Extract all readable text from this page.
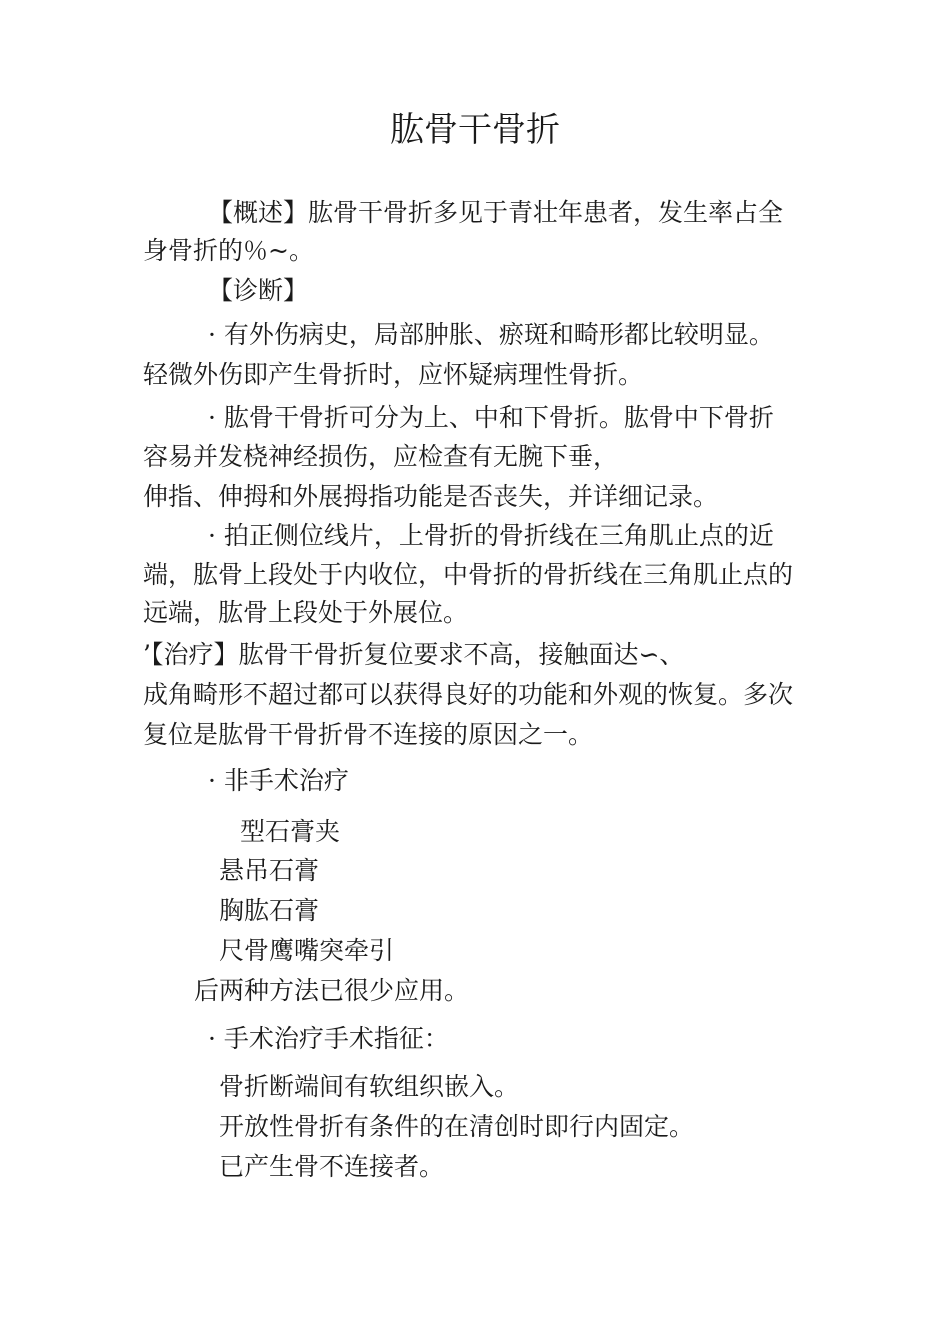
肱骨干骨折
【概述】肱骨干骨折多见于青壮年患者，发生率占全
身骨折的％~。
【诊断】
· 有外伤病史，局部肿胀、瘀斑和畸形都比较明显。
轻微外伤即产生骨折时，应怀疑病理性骨折。
· 肱骨干骨折可分为上、中和下骨折。肱骨中下骨折
容易并发桡神经损伤，应检查有无腕下垂，
伸指、伸拇和外展拇指功能是否丧失，并详细记录。
· 拍正侧位线片，上骨折的骨折线在三角肌止点的近
端，肱骨上段处于内收位，中骨折的骨折线在三角肌止点的
远端，肱骨上段处于外展位。
’【治疗】肱骨干骨折复位要求不高，接触面达∽、
成角畸形不超过都可以获得良好的功能和外观的恢复。多次
复位是肱骨干骨折骨不连接的原因之一。
· 非手术治疗
型石膏夹
悬吊石膏
胸肱石膏
尺骨鹰嘴突牵引
后两种方法已很少应用。
· 手术治疗手术指征：
骨折断端间有软组织嵌入。
开放性骨折有条件的在清创时即行内固定。
已产生骨不连接者。
